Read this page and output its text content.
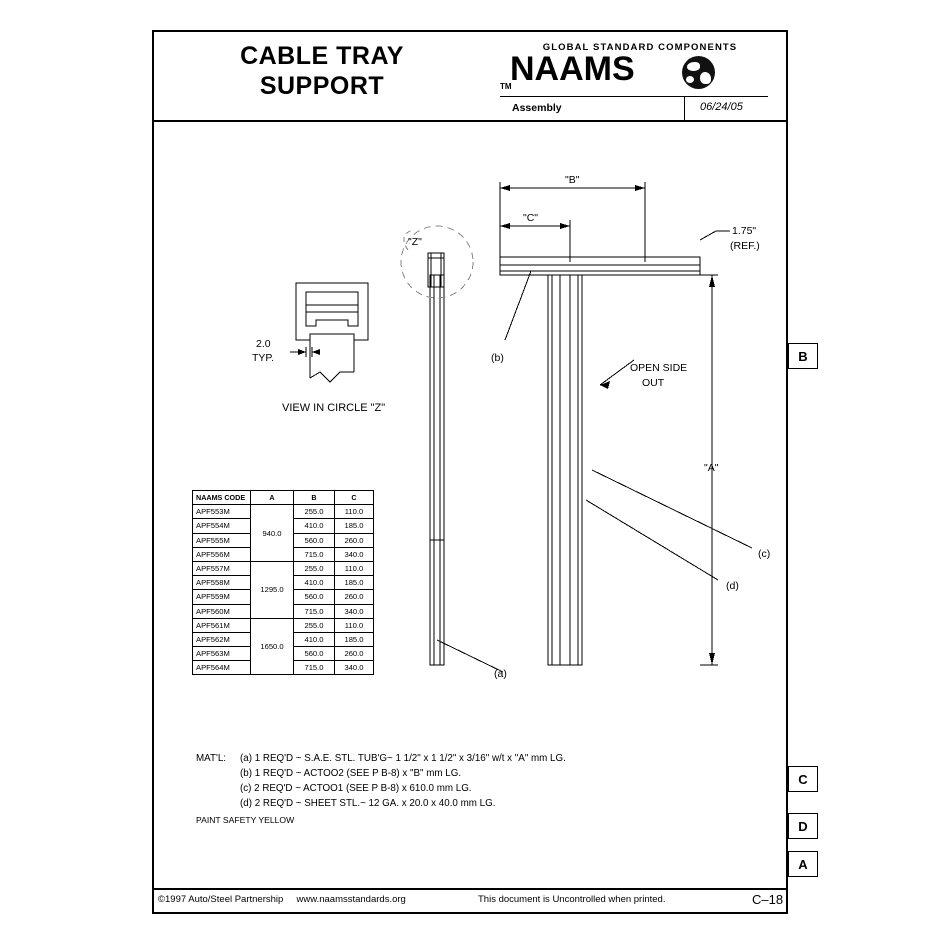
CABLE TRAY
SUPPORT
GLOBAL STANDARD COMPONENTS
TM
NAAMS
Assembly	06/24/05
©1997 Auto/Steel Partnership www.naamsstandards.org	This document is Uncontrolled when printed.	C–18
B
C
D
A
"B"
"C"
1.75"
(REF.)
"A"
"Z"
VIEW IN CIRCLE "Z"
2.0
TYP.
OPEN SIDE
OUT
(b)
(c)
(d)
(a)
NAAMS CODE	A	B	C
APF553M	940.0	255.0	110.0
APF554M		410.0	185.0
APF555M		560.0	260.0
APF556M		715.0	340.0
APF557M	1295.0	255.0	110.0
APF558M		410.0	185.0
APF559M		560.0	260.0
APF560M		715.0	340.0
APF561M	1650.0	255.0	110.0
APF562M		410.0	185.0
APF563M		560.0	260.0
APF564M		715.0	340.0
MAT'L: (a) 1 REQ'D ~ S.A.E. STL. TUB'G~ 1 1/2" x 1 1/2" x 3/16" w/t x "A" mm LG.
(b) 1 REQ'D ~ ACTOO2 (SEE P B-8) x "B" mm LG.
(c) 2 REQ'D ~ ACTOO1 (SEE P B-8) x 610.0 mm LG.
(d) 2 REQ'D ~ SHEET STL.~ 12 GA. x 20.0 x 40.0 mm LG.
PAINT SAFETY YELLOW
